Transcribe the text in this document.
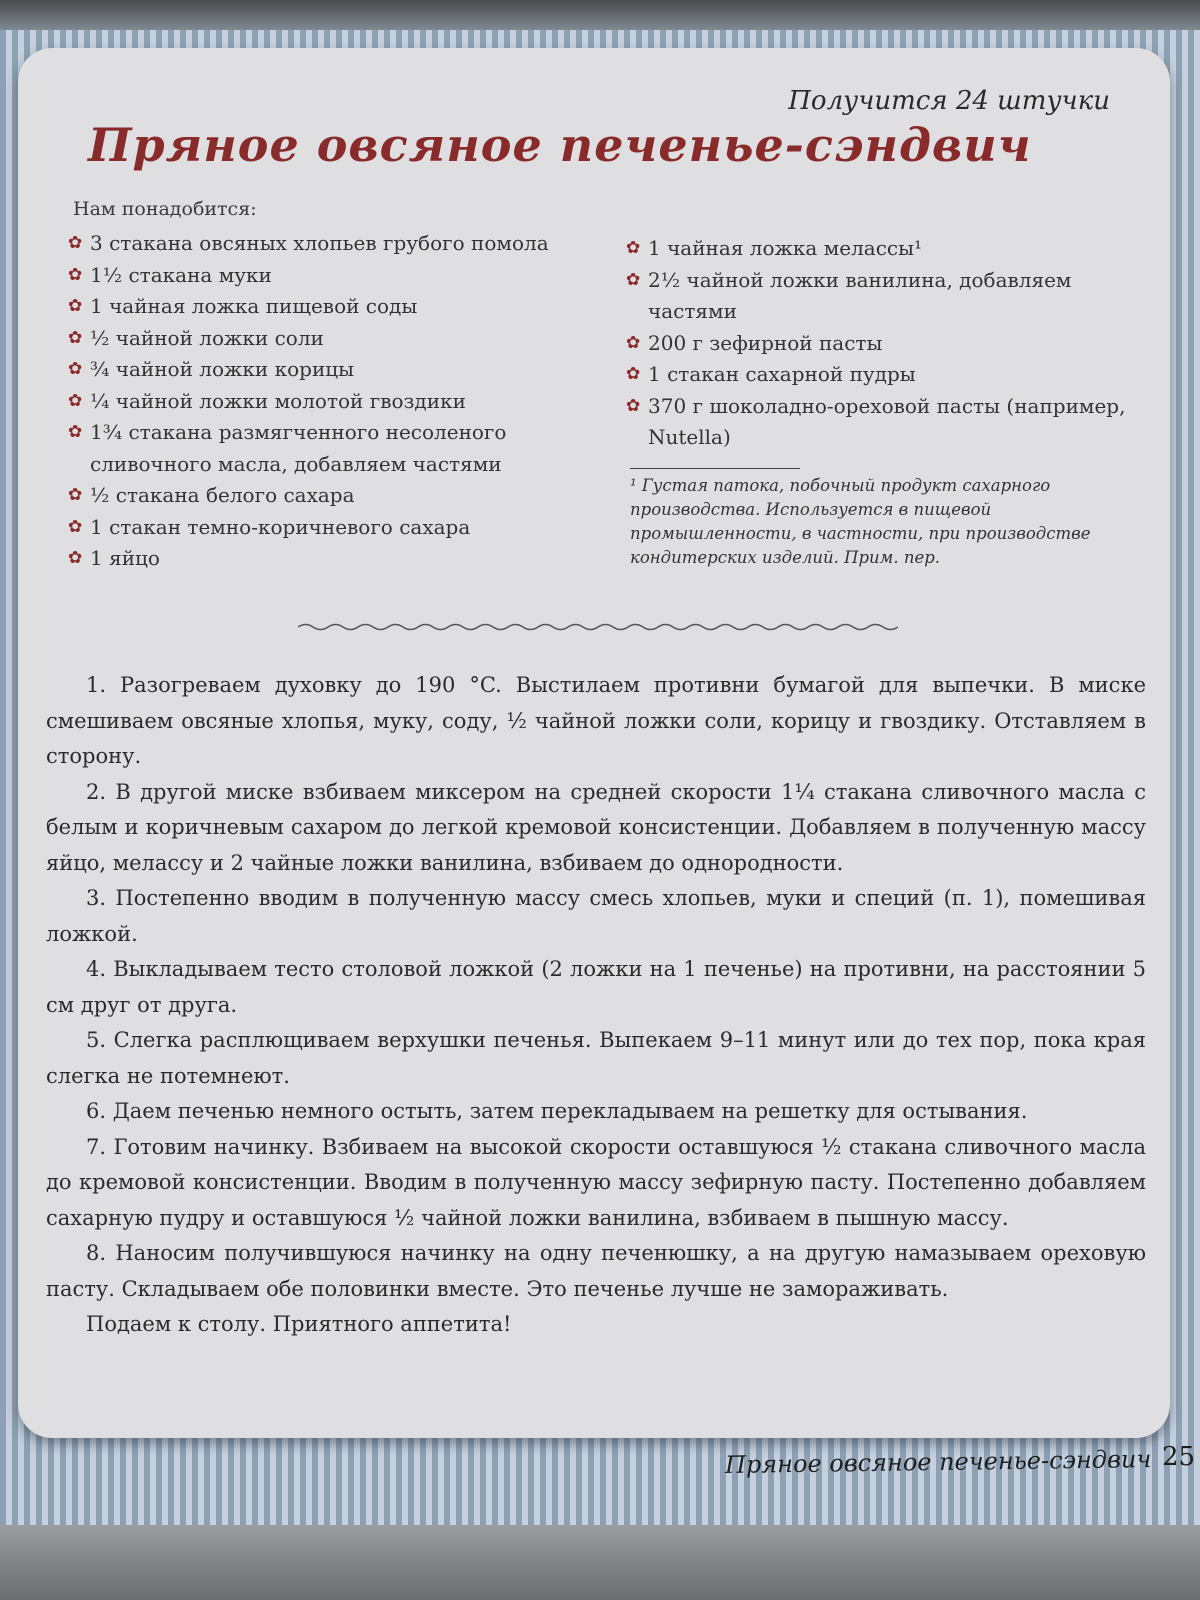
Получится 24 штучки
Пряное овсяное печенье-сэндвич
Нам понадобится:
✿ 3 стакана овсяных хлопьев грубого помола
✿ 1½ стакана муки
✿ 1 чайная ложка пищевой соды
✿ ½ чайной ложки соли
✿ ¾ чайной ложки корицы
✿ ¼ чайной ложки молотой гвоздики
✿ 1¾ стакана размягченного несоленого сливочного масла, добавляем частями
✿ ½ стакана белого сахара
✿ 1 стакан темно-коричневого сахара
✿ 1 яйцо
✿ 1 чайная ложка мелассы¹
✿ 2½ чайной ложки ванилина, добавляем частями
✿ 200 г зефирной пасты
✿ 1 стакан сахарной пудры
✿ 370 г шоколадно-ореховой пасты (например, Nutella)
¹ Густая патока, побочный продукт сахарного производства. Используется в пищевой промышленности, в частности, при производстве кондитерских изделий. Прим. пер.

1. Разогреваем духовку до 190 °C. Выстилаем противни бумагой для выпечки. В миске смешиваем овсяные хлопья, муку, соду, ½ чайной ложки соли, корицу и гвоздику. Отставляем в сторону.

2. В другой миске взбиваем миксером на средней скорости 1¼ стакана сливочного масла с белым и коричневым сахаром до легкой кремовой консистенции. Добавляем в полученную массу яйцо, мелассу и 2 чайные ложки ванилина, взбиваем до однородности.

3. Постепенно вводим в полученную массу смесь хлопьев, муки и специй (п. 1), помешивая ложкой.

4. Выкладываем тесто столовой ложкой (2 ложки на 1 печенье) на противни, на расстоянии 5 см друг от друга.

5. Слегка расплющиваем верхушки печенья. Выпекаем 9–11 минут или до тех пор, пока края слегка не потемнеют.

6. Даем печенью немного остыть, затем перекладываем на решетку для остывания.

7. Готовим начинку. Взбиваем на высокой скорости оставшуюся ½ стакана сливочного масла до кремовой консистенции. Вводим в полученную массу зефирную пасту. Постепенно добавляем сахарную пудру и оставшуюся ½ чайной ложки ванилина, взбиваем в пышную массу.

8. Наносим получившуюся начинку на одну печенюшку, а на другую намазываем ореховую пасту. Складываем обе половинки вместе. Это печенье лучше не замораживать.

Подаем к столу. Приятного аппетита!

Пряное овсяное печенье-сэндвич 25
